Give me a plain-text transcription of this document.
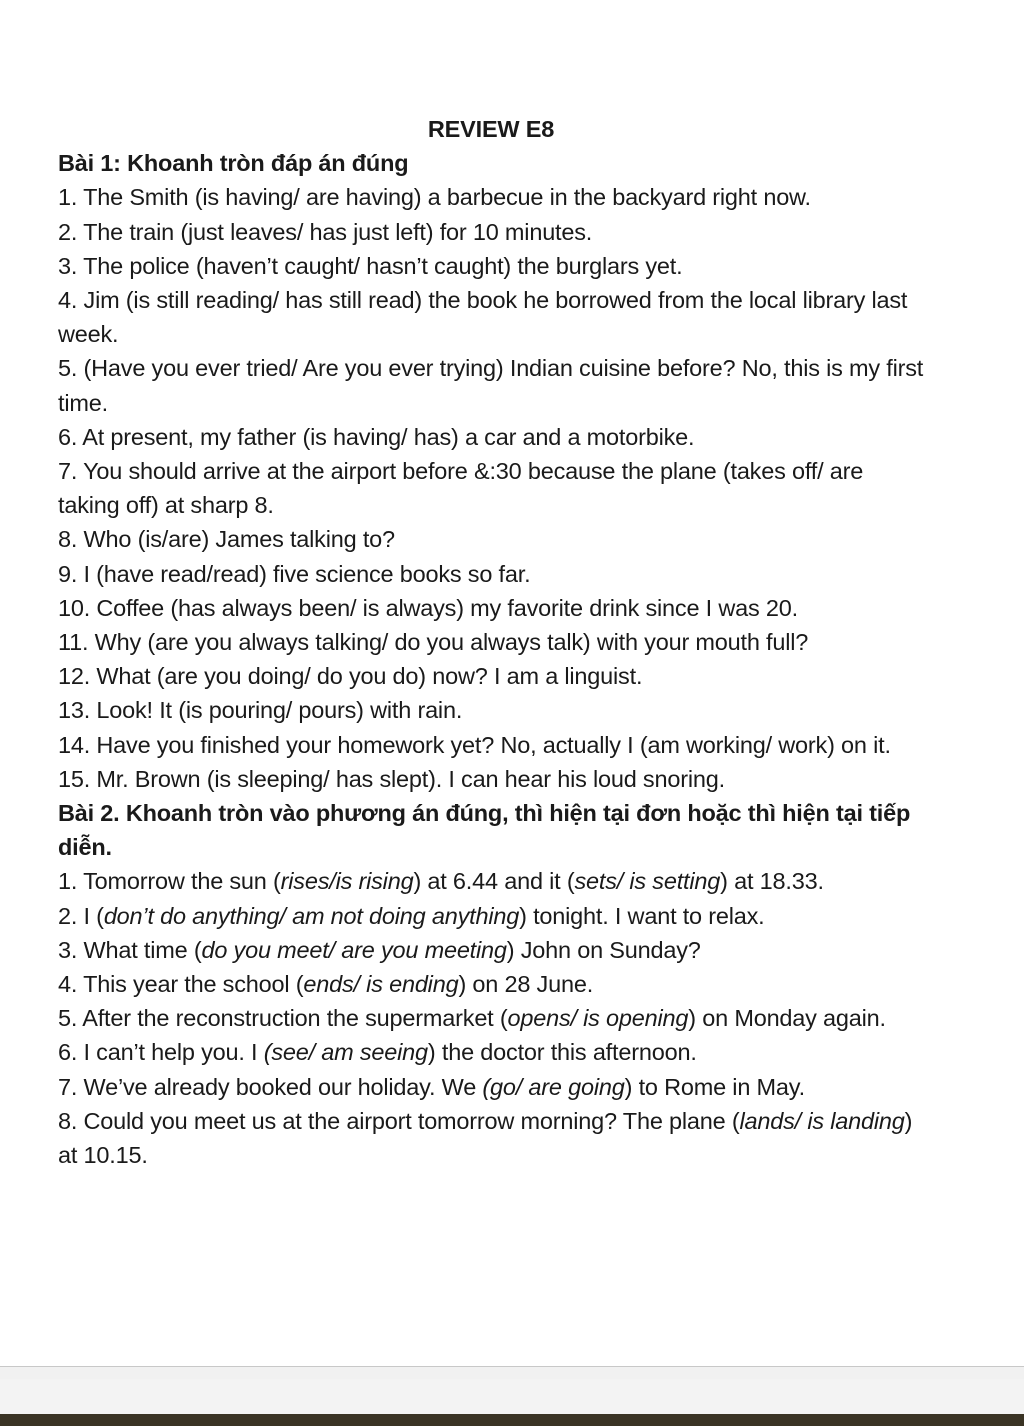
REVIEW E8
Bài 1: Khoanh tròn đáp án đúng
1. The Smith (is having/ are having) a barbecue in the backyard right now.
2. The train (just leaves/ has just left) for 10 minutes.
3. The police (haven’t caught/ hasn’t caught) the burglars yet.
4. Jim (is still reading/ has still read) the book he borrowed from the local library last week.
5. (Have you ever tried/ Are you ever trying) Indian cuisine before? No, this is my first time.
6. At present, my father (is having/ has) a car and a motorbike.
7. You should arrive at the airport before &:30 because the plane (takes off/ are taking off) at sharp 8.
8. Who (is/are) James talking to?
9. I (have read/read) five science books so far.
10. Coffee (has always been/ is always) my favorite drink since I was 20.
11. Why (are you always talking/ do you always talk) with your mouth full?
12. What (are you doing/ do you do) now? I am a linguist.
13. Look! It (is pouring/ pours) with rain.
14. Have you finished your homework yet? No, actually I (am working/ work) on it.
15. Mr. Brown (is sleeping/ has slept). I can hear his loud snoring.
Bài 2. Khoanh tròn vào phương án đúng, thì hiện tại đơn hoặc thì hiện tại tiếp diễn.
1. Tomorrow the sun (rises/is rising) at 6.44 and it (sets/ is setting) at 18.33.
2. I (don’t do anything/ am not doing anything) tonight. I want to relax.
3. What time (do you meet/ are you meeting) John on Sunday?
4. This year the school (ends/ is ending) on 28 June.
5. After the reconstruction the supermarket (opens/ is opening) on Monday again.
6. I can’t help you. I (see/ am seeing) the doctor this afternoon.
7. We’ve already booked our holiday. We (go/ are going) to Rome in May.
8. Could you meet us at the airport tomorrow morning? The plane (lands/ is landing) at 10.15.
